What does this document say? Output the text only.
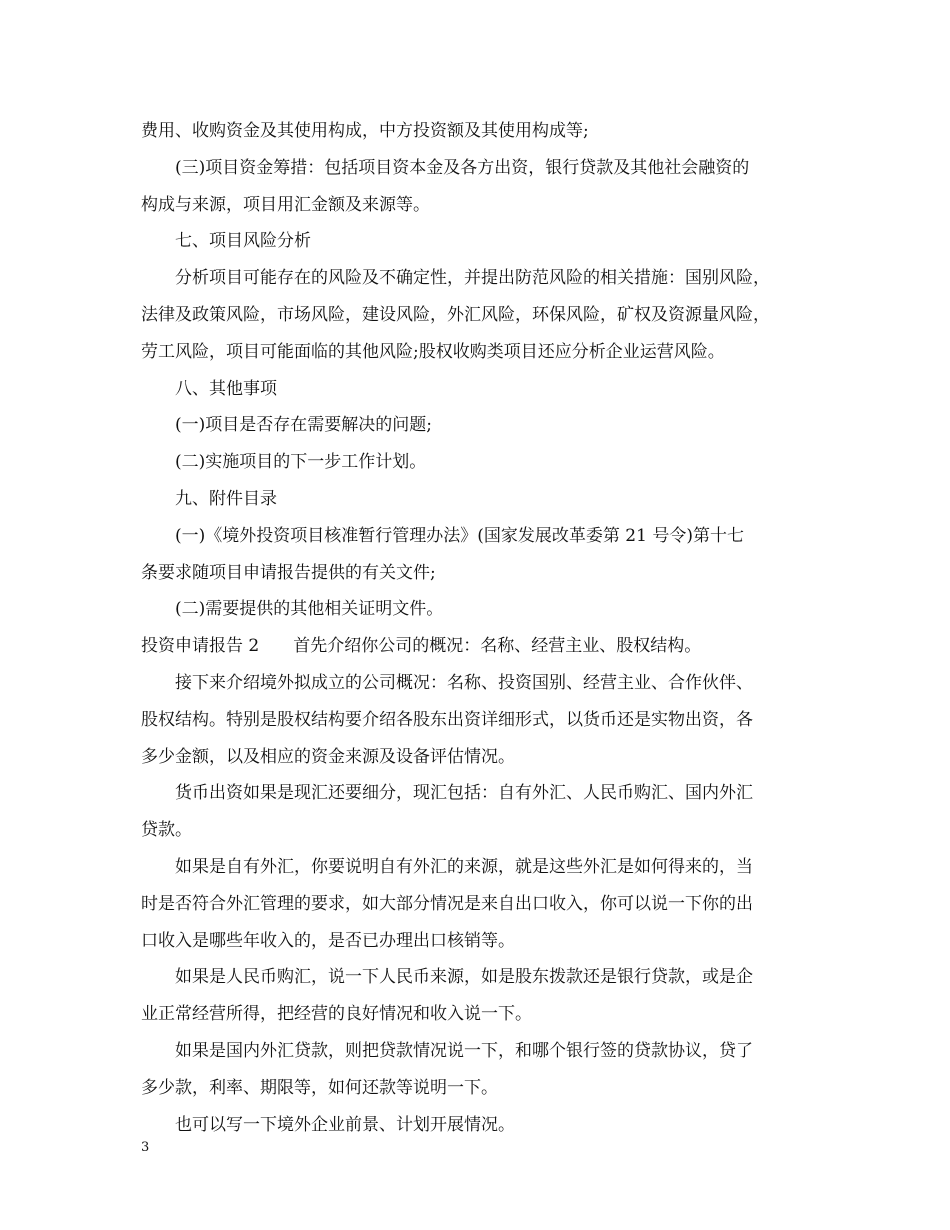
费用、收购资金及其使用构成，中方投资额及其使用构成等;
(三)项目资金筹措：包括项目资本金及各方出资，银行贷款及其他社会融资的
构成与来源，项目用汇金额及来源等。
七、项目风险分析
分析项目可能存在的风险及不确定性，并提出防范风险的相关措施：国别风险，
法律及政策风险，市场风险，建设风险，外汇风险，环保风险，矿权及资源量风险，
劳工风险，项目可能面临的其他风险;股权收购类项目还应分析企业运营风险。
八、其他事项
(一)项目是否存在需要解决的问题;
(二)实施项目的下一步工作计划。
九、附件目录
(一)《境外投资项目核准暂行管理办法》(国家发展改革委第 21 号令)第十七
条要求随项目申请报告提供的有关文件;
(二)需要提供的其他相关证明文件。
投资申请报告 2 首先介绍你公司的概况：名称、经营主业、股权结构。
接下来介绍境外拟成立的公司概况：名称、投资国别、经营主业、合作伙伴、
股权结构。特别是股权结构要介绍各股东出资详细形式，以货币还是实物出资，各
多少金额，以及相应的资金来源及设备评估情况。
货币出资如果是现汇还要细分，现汇包括：自有外汇、人民币购汇、国内外汇
贷款。
如果是自有外汇，你要说明自有外汇的来源，就是这些外汇是如何得来的，当
时是否符合外汇管理的要求，如大部分情况是来自出口收入，你可以说一下你的出
口收入是哪些年收入的，是否已办理出口核销等。
如果是人民币购汇，说一下人民币来源，如是股东拨款还是银行贷款，或是企
业正常经营所得，把经营的良好情况和收入说一下。
如果是国内外汇贷款，则把贷款情况说一下，和哪个银行签的贷款协议，贷了
多少款，利率、期限等，如何还款等说明一下。
也可以写一下境外企业前景、计划开展情况。
3
